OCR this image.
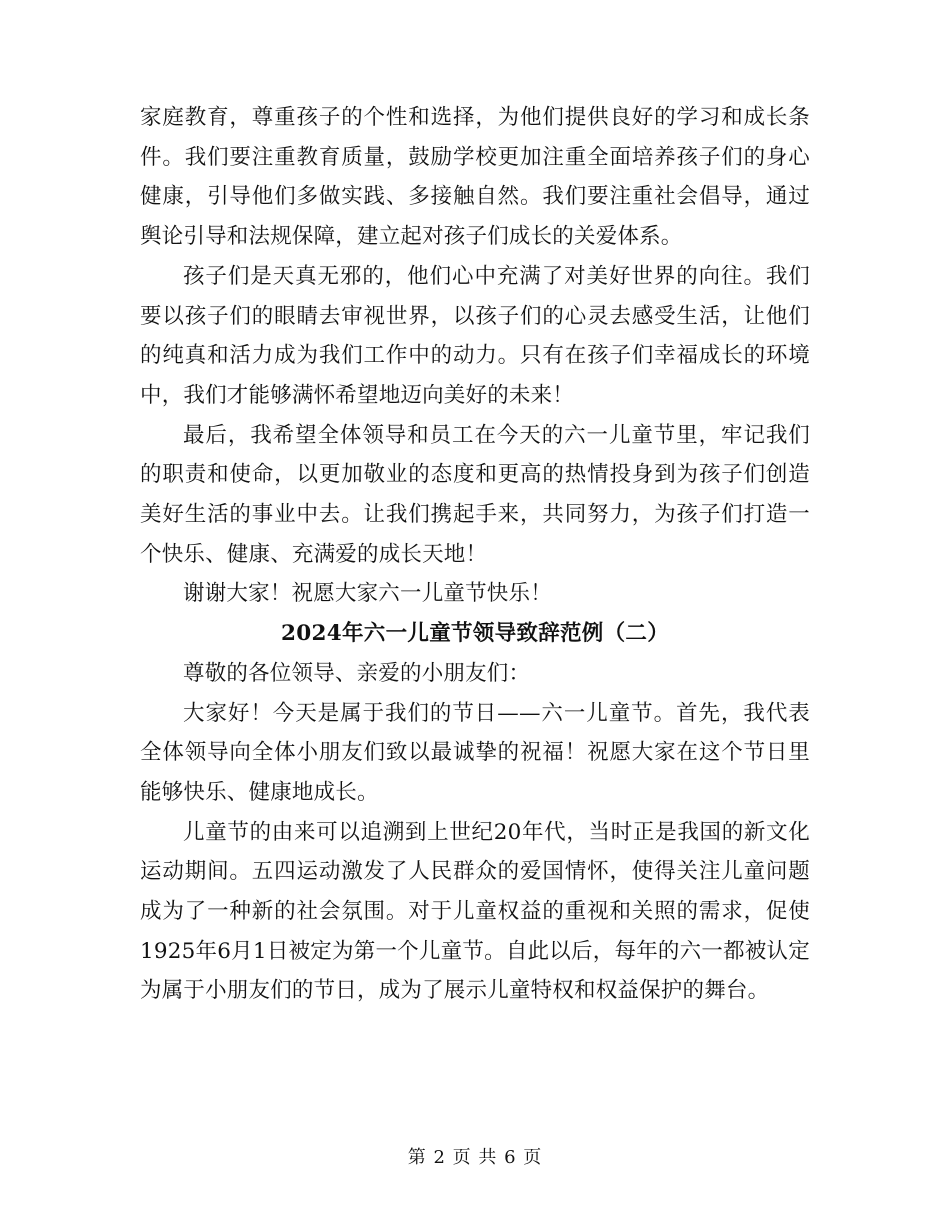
家庭教育，尊重孩子的个性和选择，为他们提供良好的学习和成长条件。我们要注重教育质量，鼓励学校更加注重全面培养孩子们的身心健康，引导他们多做实践、多接触自然。我们要注重社会倡导，通过舆论引导和法规保障，建立起对孩子们成长的关爱体系。

孩子们是天真无邪的，他们心中充满了对美好世界的向往。我们要以孩子们的眼睛去审视世界，以孩子们的心灵去感受生活，让他们的纯真和活力成为我们工作中的动力。只有在孩子们幸福成长的环境中，我们才能够满怀希望地迈向美好的未来！

最后，我希望全体领导和员工在今天的六一儿童节里，牢记我们的职责和使命，以更加敬业的态度和更高的热情投身到为孩子们创造美好生活的事业中去。让我们携起手来，共同努力，为孩子们打造一个快乐、健康、充满爱的成长天地！

谢谢大家！祝愿大家六一儿童节快乐！

2024年六一儿童节领导致辞范例（二）

尊敬的各位领导、亲爱的小朋友们：

大家好！今天是属于我们的节日——六一儿童节。首先，我代表全体领导向全体小朋友们致以最诚挚的祝福！祝愿大家在这个节日里能够快乐、健康地成长。

儿童节的由来可以追溯到上世纪20年代，当时正是我国的新文化运动期间。五四运动激发了人民群众的爱国情怀，使得关注儿童问题成为了一种新的社会氛围。对于儿童权益的重视和关照的需求，促使1925年6月1日被定为第一个儿童节。自此以后，每年的六一都被认定为属于小朋友们的节日，成为了展示儿童特权和权益保护的舞台。

第 2 页 共 6 页
